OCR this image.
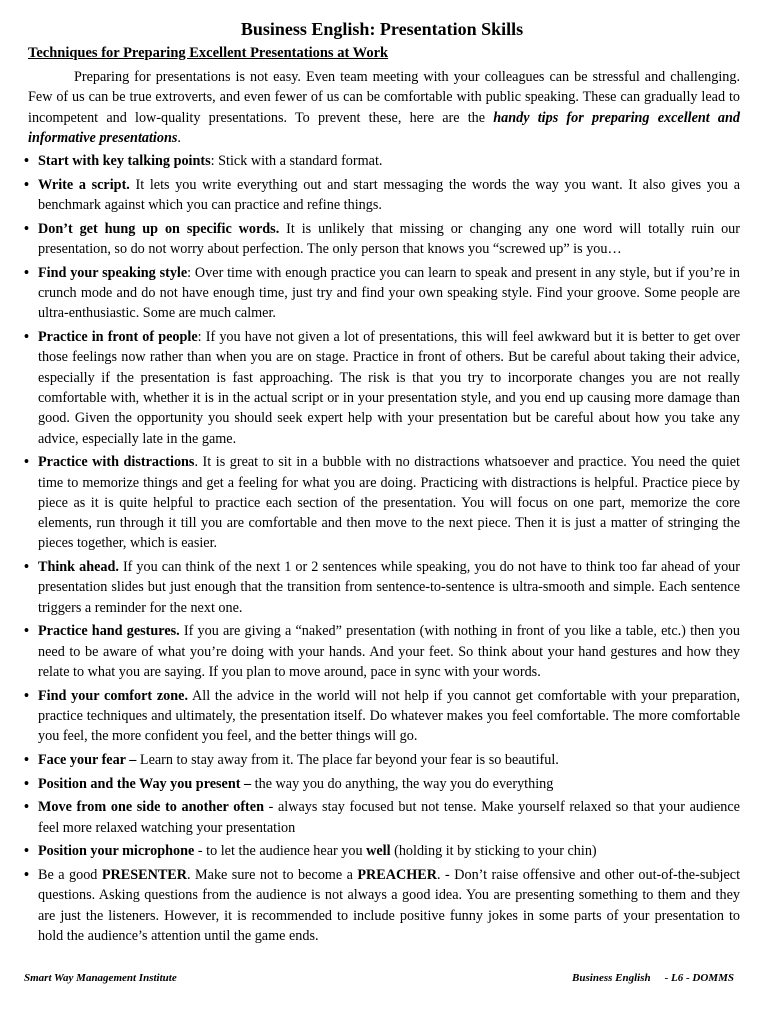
Business English: Presentation Skills
Techniques for Preparing Excellent Presentations at Work

Preparing for presentations is not easy. Even team meeting with your colleagues can be stressful and challenging. Few of us can be true extroverts, and even fewer of us can be comfortable with public speaking. These can gradually lead to incompetent and low-quality presentations. To prevent these, here are the handy tips for preparing excellent and informative presentations.

• Start with key talking points: Stick with a standard format.
• Write a script. It lets you write everything out and start messaging the words the way you want. It also gives you a benchmark against which you can practice and refine things.
• Don’t get hung up on specific words. It is unlikely that missing or changing any one word will totally ruin our presentation, so do not worry about perfection. The only person that knows you “screwed up” is you…
• Find your speaking style: Over time with enough practice you can learn to speak and present in any style, but if you’re in crunch mode and do not have enough time, just try and find your own speaking style. Find your groove. Some people are ultra-enthusiastic. Some are much calmer.
• Practice in front of people: If you have not given a lot of presentations, this will feel awkward but it is better to get over those feelings now rather than when you are on stage. Practice in front of others. But be careful about taking their advice, especially if the presentation is fast approaching. The risk is that you try to incorporate changes you are not really comfortable with, whether it is in the actual script or in your presentation style, and you end up causing more damage than good. Given the opportunity you should seek expert help with your presentation but be careful about how you take any advice, especially late in the game.
• Practice with distractions. It is great to sit in a bubble with no distractions whatsoever and practice. You need the quiet time to memorize things and get a feeling for what you are doing. Practicing with distractions is helpful. Practice piece by piece as it is quite helpful to practice each section of the presentation. You will focus on one part, memorize the core elements, run through it till you are comfortable and then move to the next piece. Then it is just a matter of stringing the pieces together, which is easier.
• Think ahead. If you can think of the next 1 or 2 sentences while speaking, you do not have to think too far ahead of your presentation slides but just enough that the transition from sentence-to-sentence is ultra-smooth and simple. Each sentence triggers a reminder for the next one.
• Practice hand gestures. If you are giving a “naked” presentation (with nothing in front of you like a table, etc.) then you need to be aware of what you’re doing with your hands. And your feet. So think about your hand gestures and how they relate to what you are saying. If you plan to move around, pace in sync with your words.
• Find your comfort zone. All the advice in the world will not help if you cannot get comfortable with your preparation, practice techniques and ultimately, the presentation itself. Do whatever makes you feel comfortable. The more comfortable you feel, the more confident you feel, and the better things will go.
• Face your fear – Learn to stay away from it. The place far beyond your fear is so beautiful.
• Position and the Way you present – the way you do anything, the way you do everything
• Move from one side to another often - always stay focused but not tense. Make yourself relaxed so that your audience feel more relaxed watching your presentation
• Position your microphone - to let the audience hear you well (holding it by sticking to your chin)
• Be a good PRESENTER. Make sure not to become a PREACHER. - Don’t raise offensive and other out-of-the-subject questions. Asking questions from the audience is not always a good idea. You are presenting something to them and they are just the listeners. However, it is recommended to include positive funny jokes in some parts of your presentation to hold the audience’s attention until the game ends.
Smart Way Management Institute	Business English - L6 - DOMMS
